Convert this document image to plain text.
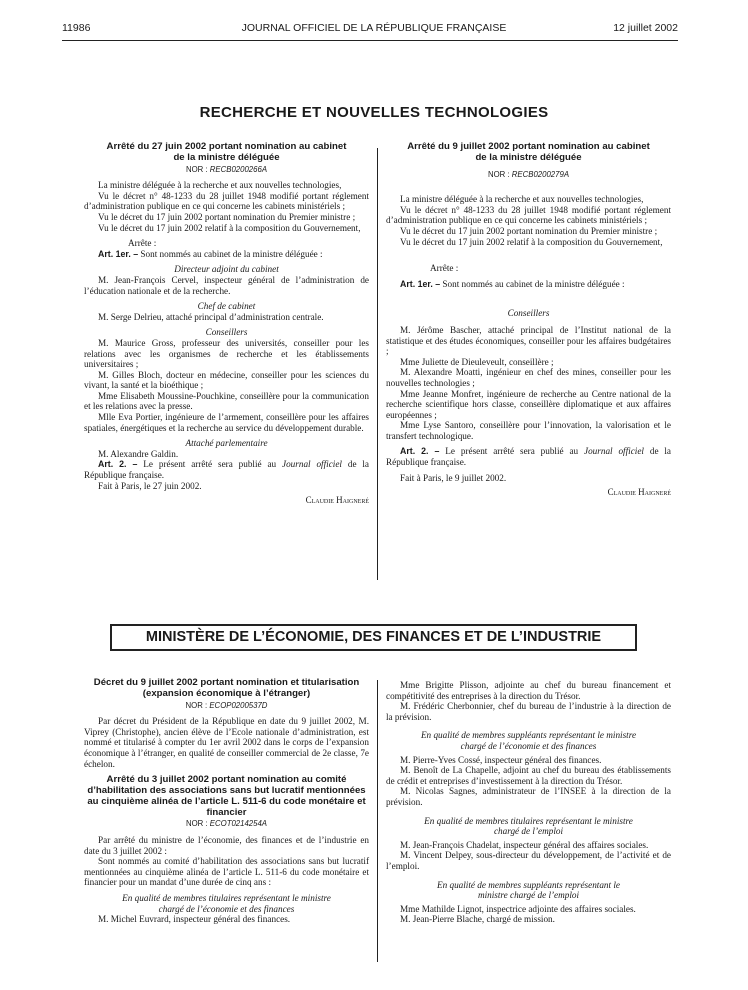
11986	JOURNAL OFFICIEL DE LA RÉPUBLIQUE FRANÇAISE	12 juillet 2002
RECHERCHE ET NOUVELLES TECHNOLOGIES
Arrêté du 27 juin 2002 portant nomination au cabinet de la ministre déléguée
NOR : RECB0200266A

La ministre déléguée à la recherche et aux nouvelles technologies,

Vu le décret n° 48-1233 du 28 juillet 1948 modifié portant réglement d’administration publique en ce qui concerne les cabinets ministériels ;

Vu le décret du 17 juin 2002 portant nomination du Premier ministre ;

Vu le décret du 17 juin 2002 relatif à la composition du Gouvernement,

Arrête :

Art. 1er. – Sont nommés au cabinet de la ministre déléguée :

Directeur adjoint du cabinet

M. Jean-François Cervel, inspecteur général de l’administration de l’éducation nationale et de la recherche.

Chef de cabinet

M. Serge Delrieu, attaché principal d’administration centrale.

Conseillers

M. Maurice Gross, professeur des universités, conseiller pour les relations avec les organismes de recherche et les établissements universitaires ;

M. Gilles Bloch, docteur en médecine, conseiller pour les sciences du vivant, la santé et la bioéthique ;

Mme Elisabeth Moussine-Pouchkine, conseillère pour la communication et les relations avec la presse.

Mlle Eva Portier, ingénieure de l’armement, conseillère pour les affaires spatiales, énergétiques et la recherche au service du développement durable.

Attaché parlementaire

M. Alexandre Galdin.

Art. 2. – Le présent arrêté sera publié au Journal officiel de la République française.

Fait à Paris, le 27 juin 2002.

Claudie Haigneré
Arrêté du 9 juillet 2002 portant nomination au cabinet de la ministre déléguée
NOR : RECB0200279A

La ministre déléguée à la recherche et aux nouvelles technologies,

Vu le décret n° 48-1233 du 28 juillet 1948 modifié portant réglement d’administration publique en ce qui concerne les cabinets ministériels ;

Vu le décret du 17 juin 2002 portant nomination du Premier ministre ;

Vu le décret du 17 juin 2002 relatif à la composition du Gouvernement,

Arrête :

Art. 1er. – Sont nommés au cabinet de la ministre déléguée :

Conseillers

M. Jérôme Bascher, attaché principal de l’Institut national de la statistique et des études économiques, conseiller pour les affaires budgétaires ;

Mme Juliette de Dieuleveult, conseillère ;

M. Alexandre Moatti, ingénieur en chef des mines, conseiller pour les nouvelles technologies ;

Mme Jeanne Monfret, ingénieure de recherche au Centre national de la recherche scientifique hors classe, conseillère diplomatique et aux affaires européennes ;

Mme Lyse Santoro, conseillère pour l’innovation, la valorisation et le transfert technologique.

Art. 2. – Le présent arrêté sera publié au Journal officiel de la République française.

Fait à Paris, le 9 juillet 2002.

Claudie Haigneré
MINISTÈRE DE L’ÉCONOMIE, DES FINANCES ET DE L’INDUSTRIE
Décret du 9 juillet 2002 portant nomination et titularisation (expansion économique à l’étranger)
NOR : ECOP0200537D

Par décret du Président de la République en date du 9 juillet 2002, M. Viprey (Christophe), ancien élève de l’Ecole nationale d’administration, est nommé et titularisé à compter du 1er avril 2002 dans le corps de l’expansion économique à l’étranger, en qualité de conseiller commercial de 2e classe, 7e échelon.

Arrêté du 3 juillet 2002 portant nomination au comité d’habilitation des associations sans but lucratif mentionnées au cinquième alinéa de l’article L. 511-6 du code monétaire et financier
NOR : ECOT0214254A

Par arrêté du ministre de l’économie, des finances et de l’industrie en date du 3 juillet 2002 :

Sont nommés au comité d’habilitation des associations sans but lucratif mentionnées au cinquième alinéa de l’article L. 511-6 du code monétaire et financier pour un mandat d’une durée de cinq ans :

En qualité de membres titulaires représentant le ministre chargé de l’économie et des finances

M. Michel Euvrard, inspecteur général des finances.

Mme Brigitte Plisson, adjointe au chef du bureau financement et compétitivité des entreprises à la direction du Trésor.

M. Frédéric Cherbonnier, chef du bureau de l’industrie à la direction de la prévision.

En qualité de membres suppléants représentant le ministre chargé de l’économie et des finances

M. Pierre-Yves Cossé, inspecteur général des finances.

M. Benoît de La Chapelle, adjoint au chef du bureau des établissements de crédit et entreprises d’investissement à la direction du Trésor.

M. Nicolas Sagnes, administrateur de l’INSEE à la direction de la prévision.

En qualité de membres titulaires représentant le ministre chargé de l’emploi

M. Jean-François Chadelat, inspecteur général des affaires sociales.

M. Vincent Delpey, sous-directeur du développement, de l’activité et de l’emploi.

En qualité de membres suppléants représentant le ministre chargé de l’emploi

Mme Mathilde Lignot, inspectrice adjointe des affaires sociales.

M. Jean-Pierre Blache, chargé de mission.
